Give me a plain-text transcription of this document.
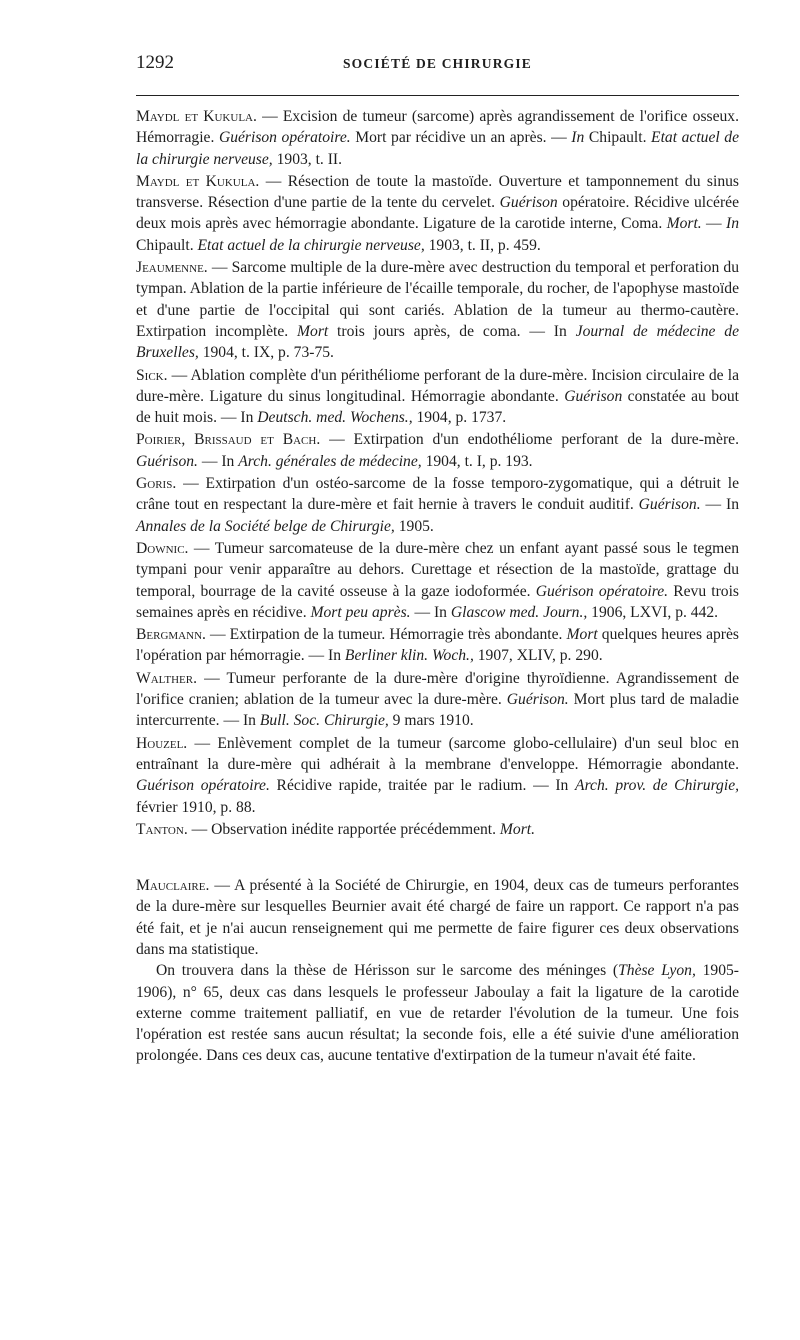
1292	SOCIÉTÉ DE CHIRURGIE

Maydl et Kukula. — Excision de tumeur (sarcome) après agrandissement de l'orifice osseux. Hémorragie. Guérison opératoire. Mort par récidive un an après. — In Chipault. Etat actuel de la chirurgie nerveuse, 1903, t. II.

Maydl et Kukula. — Résection de toute la mastoïde. Ouverture et tamponnement du sinus transverse. Résection d'une partie de la tente du cervelet. Guérison opératoire. Récidive ulcérée deux mois après avec hémorragie abondante. Ligature de la carotide interne, Coma. Mort. — In Chipault. Etat actuel de la chirurgie nerveuse, 1903, t. II, p. 459.

Jeaumenne. — Sarcome multiple de la dure-mère avec destruction du temporal et perforation du tympan. Ablation de la partie inférieure de l'écaille temporale, du rocher, de l'apophyse mastoïde et d'une partie de l'occipital qui sont cariés. Ablation de la tumeur au thermo-cautère. Extirpation incomplète. Mort trois jours après, de coma. — In Journal de médecine de Bruxelles, 1904, t. IX, p. 73-75.

Sick. — Ablation complète d'un périthéliome perforant de la dure-mère. Incision circulaire de la dure-mère. Ligature du sinus longitudinal. Hémorragie abondante. Guérison constatée au bout de huit mois. — In Deutsch. med. Wochens., 1904, p. 1737.

Poirier, Brissaud et Bach. — Extirpation d'un endothéliome perforant de la dure-mère. Guérison. — In Arch. générales de médecine, 1904, t. I, p. 193.

Goris. — Extirpation d'un ostéo-sarcome de la fosse temporo-zygomatique, qui a détruit le crâne tout en respectant la dure-mère et fait hernie à travers le conduit auditif. Guérison. — In Annales de la Société belge de Chirurgie, 1905.

Downic. — Tumeur sarcomateuse de la dure-mère chez un enfant ayant passé sous le tegmen tympani pour venir apparaître au dehors. Curettage et résection de la mastoïde, grattage du temporal, bourrage de la cavité osseuse à la gaze iodoformée. Guérison opératoire. Revu trois semaines après en récidive. Mort peu après. — In Glascow med. Journ., 1906, LXVI, p. 442.

Bergmann. — Extirpation de la tumeur. Hémorragie très abondante. Mort quelques heures après l'opération par hémorragie. — In Berliner klin. Woch., 1907, XLIV, p. 290.

Walther. — Tumeur perforante de la dure-mère d'origine thyroïdienne. Agrandissement de l'orifice cranien; ablation de la tumeur avec la dure-mère. Guérison. Mort plus tard de maladie intercurrente. — In Bull. Soc. Chirurgie, 9 mars 1910.

Houzel. — Enlèvement complet de la tumeur (sarcome globo-cellulaire) d'un seul bloc en entraînant la dure-mère qui adhérait à la membrane d'enveloppe. Hémorragie abondante. Guérison opératoire. Récidive rapide, traitée par le radium. — In Arch. prov. de Chirurgie, février 1910, p. 88.

Tanton. — Observation inédite rapportée précédemment. Mort.

Mauclaire. — A présenté à la Société de Chirurgie, en 1904, deux cas de tumeurs perforantes de la dure-mère sur lesquelles Beurnier avait été chargé de faire un rapport. Ce rapport n'a pas été fait, et je n'ai aucun renseignement qui me permette de faire figurer ces deux observations dans ma statistique.

On trouvera dans la thèse de Hérisson sur le sarcome des méninges (Thèse Lyon, 1905-1906), n° 65, deux cas dans lesquels le professeur Jaboulay a fait la ligature de la carotide externe comme traitement palliatif, en vue de retarder l'évolution de la tumeur. Une fois l'opération est restée sans aucun résultat; la seconde fois, elle a été suivie d'une amélioration prolongée. Dans ces deux cas, aucune tentative d'extirpation de la tumeur n'avait été faite.
